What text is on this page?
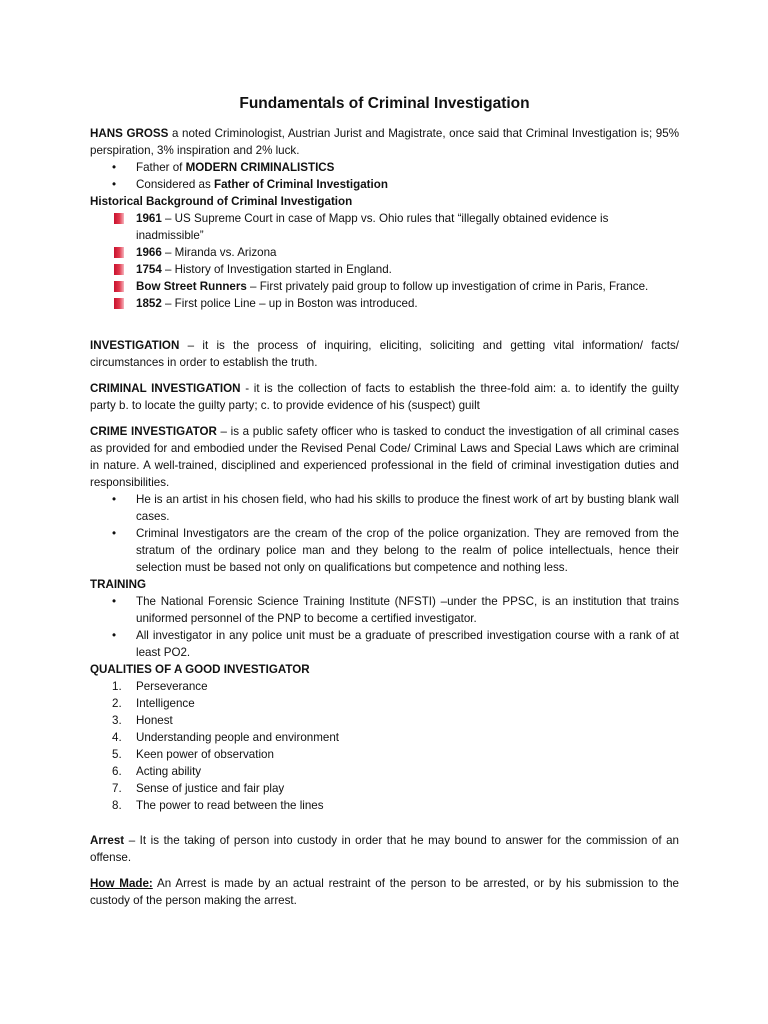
Fundamentals of Criminal Investigation

HANS GROSS a noted Criminologist, Austrian Jurist and Magistrate, once said that Criminal Investigation is; 95% perspiration, 3% inspiration and 2% luck.

• Father of MODERN CRIMINALISTICS
• Considered as Father of Criminal Investigation

Historical Background of Criminal Investigation

1961 – US Supreme Court in case of Mapp vs. Ohio rules that “illegally obtained evidence is inadmissible”
1966 – Miranda vs. Arizona
1754 – History of Investigation started in England.
Bow Street Runners – First privately paid group to follow up investigation of crime in Paris, France.
1852 – First police Line – up in Boston was introduced.

INVESTIGATION – it is the process of inquiring, eliciting, soliciting and getting vital information/ facts/ circumstances in order to establish the truth.

CRIMINAL INVESTIGATION - it is the collection of facts to establish the three-fold aim: a. to identify the guilty party b. to locate the guilty party; c. to provide evidence of his (suspect) guilt

CRIME INVESTIGATOR – is a public safety officer who is tasked to conduct the investigation of all criminal cases as provided for and embodied under the Revised Penal Code/ Criminal Laws and Special Laws which are criminal in nature. A well-trained, disciplined and experienced professional in the field of criminal investigation duties and responsibilities.

• He is an artist in his chosen field, who had his skills to produce the finest work of art by busting blank wall cases.
• Criminal Investigators are the cream of the crop of the police organization. They are removed from the stratum of the ordinary police man and they belong to the realm of police intellectuals, hence their selection must be based not only on qualifications but competence and nothing less.

TRAINING

• The National Forensic Science Training Institute (NFSTI) –under the PPSC, is an institution that trains uniformed personnel of the PNP to become a certified investigator.
• All investigator in any police unit must be a graduate of prescribed investigation course with a rank of at least PO2.

QUALITIES OF A GOOD INVESTIGATOR

1. Perseverance
2. Intelligence
3. Honest
4. Understanding people and environment
5. Keen power of observation
6. Acting ability
7. Sense of justice and fair play
8. The power to read between the lines

Arrest – It is the taking of person into custody in order that he may bound to answer for the commission of an offense.

How Made: An Arrest is made by an actual restraint of the person to be arrested, or by his submission to the custody of the person making the arrest.
